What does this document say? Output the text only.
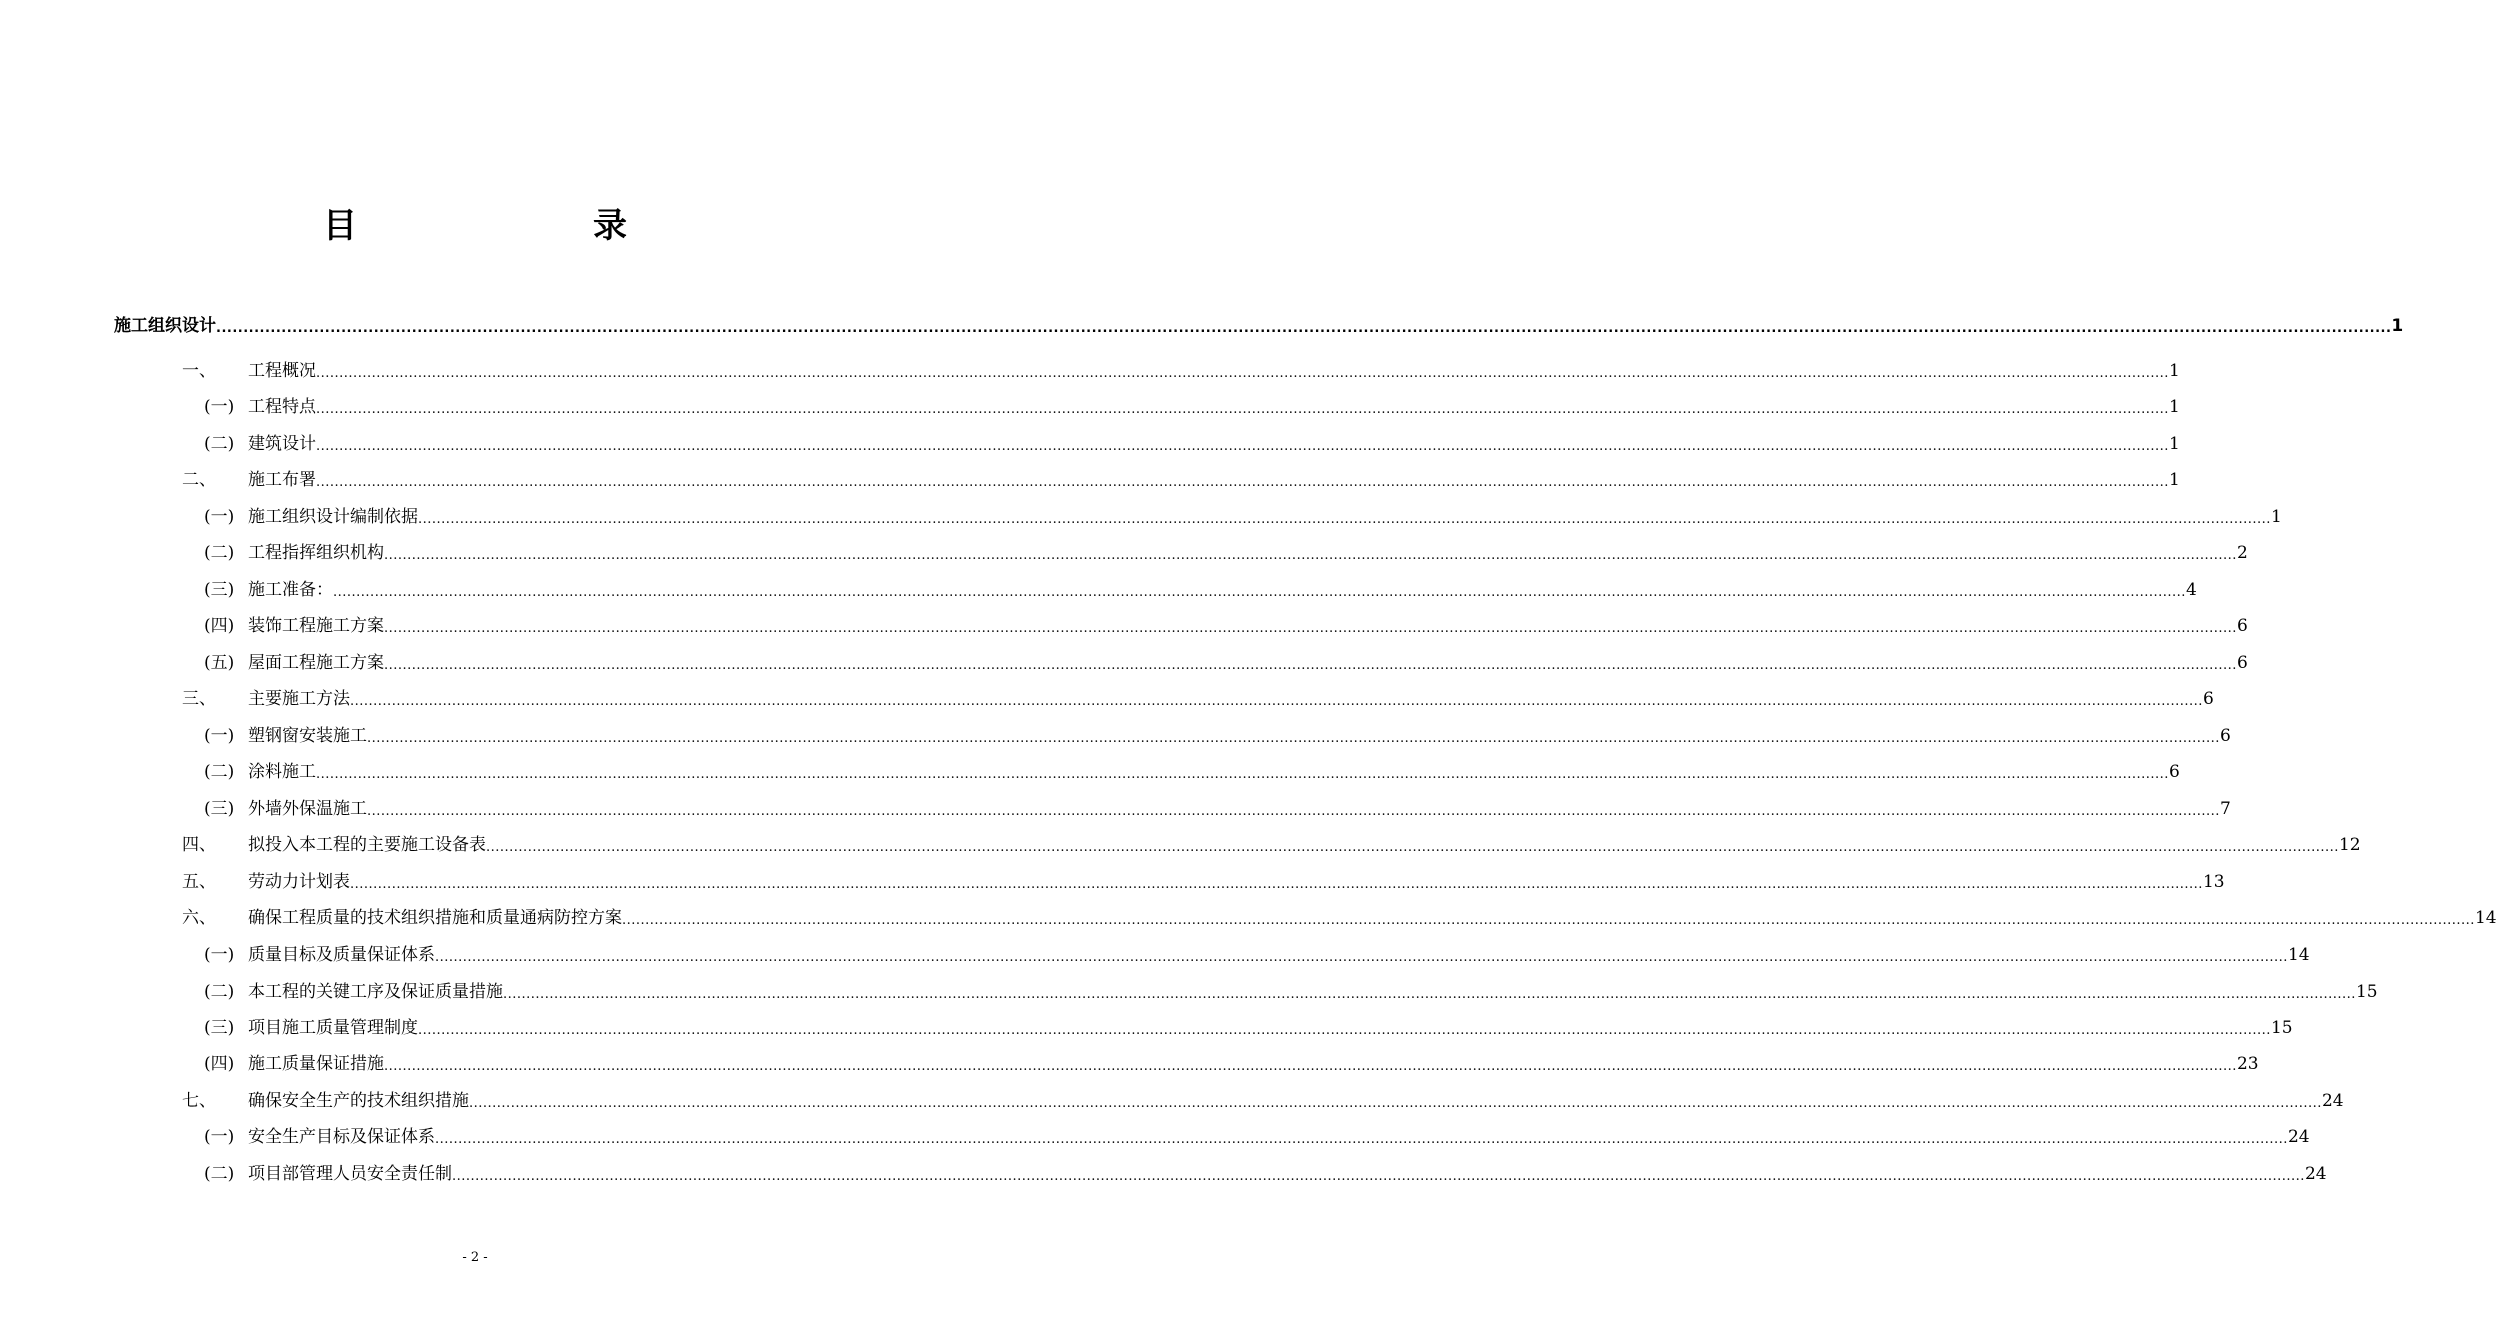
目　　录
施工组织设计 ................................................................................................................................................................................................................................................................................................................................................................................................................ 1
一、	工程概况 ................................................................................................................................................................................................................................................................................................................................................................................................................ 1
(一) 工程特点 ................................................................................................................................................................................................................................................................................................................................................................................................................ 1
(二) 建筑设计 ................................................................................................................................................................................................................................................................................................................................................................................................................ 1
二、	施工布署 ................................................................................................................................................................................................................................................................................................................................................................................................................ 1
(一) 施工组织设计编制依据 ................................................................................................................................................................................................................................................................................................................................................................................................................ 1
(二) 工程指挥组织机构 ................................................................................................................................................................................................................................................................................................................................................................................................................ 2
(三) 施工准备： ................................................................................................................................................................................................................................................................................................................................................................................................................ 4
(四) 装饰工程施工方案 ................................................................................................................................................................................................................................................................................................................................................................................................................ 6
(五) 屋面工程施工方案 ................................................................................................................................................................................................................................................................................................................................................................................................................ 6
三、	主要施工方法 ................................................................................................................................................................................................................................................................................................................................................................................................................ 6
(一) 塑钢窗安装施工 ................................................................................................................................................................................................................................................................................................................................................................................................................ 6
(二) 涂料施工 ................................................................................................................................................................................................................................................................................................................................................................................................................ 6
(三) 外墙外保温施工 ................................................................................................................................................................................................................................................................................................................................................................................................................ 7
四、	拟投入本工程的主要施工设备表 ................................................................................................................................................................................................................................................................................................................................................................................................................ 12
五、	劳动力计划表 ................................................................................................................................................................................................................................................................................................................................................................................................................ 13
六、	确保工程质量的技术组织措施和质量通病防控方案 ................................................................................................................................................................................................................................................................................................................................................................................................................ 14
(一) 质量目标及质量保证体系 ................................................................................................................................................................................................................................................................................................................................................................................................................ 14
(二) 本工程的关键工序及保证质量措施 ................................................................................................................................................................................................................................................................................................................................................................................................................ 15
(三) 项目施工质量管理制度 ................................................................................................................................................................................................................................................................................................................................................................................................................ 15
(四) 施工质量保证措施 ................................................................................................................................................................................................................................................................................................................................................................................................................ 23
七、	确保安全生产的技术组织措施 ................................................................................................................................................................................................................................................................................................................................................................................................................ 24
(一) 安全生产目标及保证体系 ................................................................................................................................................................................................................................................................................................................................................................................................................ 24
(二) 项目部管理人员安全责任制 ................................................................................................................................................................................................................................................................................................................................................................................................................ 24
- 2 -
